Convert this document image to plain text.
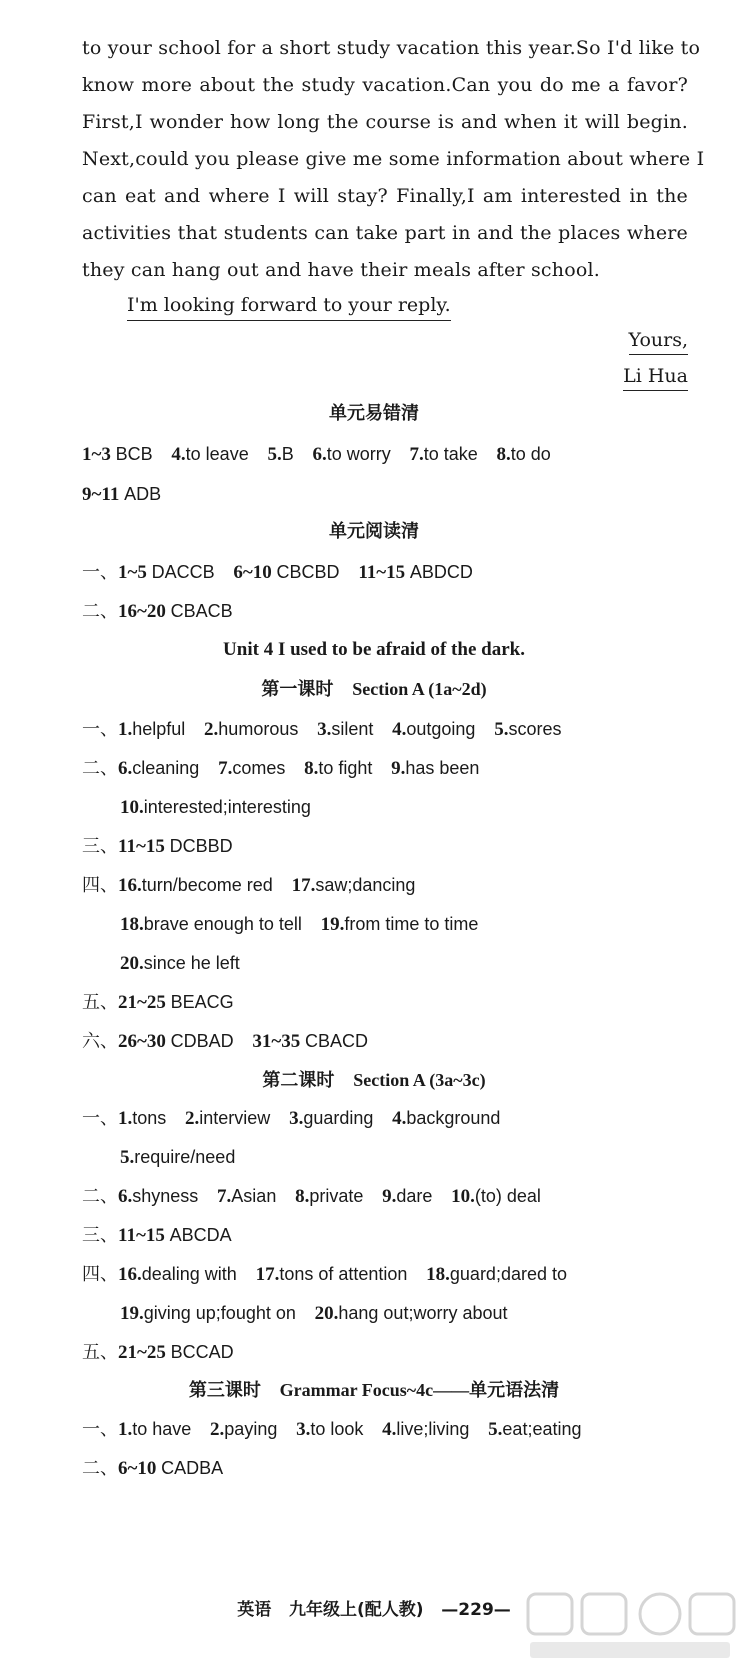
to your school for a short study vacation this year.So I'd like to
know more about the study vacation.Can you do me a favor?
First,I wonder how long the course is and when it will begin.
Next,could you please give me some information about where I
can eat and where I will stay? Finally,I am interested in the
activities that students can take part in and the places where
they can hang out and have their meals after school.
I'm looking forward to your reply.
Yours,
Li Hua
单元易错清
1~3 BCB 4.to leave 5.B 6.to worry 7.to take 8.to do
9~11 ADB
单元阅读清
一、1~5 DACCB 6~10 CBCBD 11~15 ABDCD
二、16~20 CBACB
Unit 4 I used to be afraid of the dark.
第一课时 Section A (1a~2d)
一、1.helpful 2.humorous 3.silent 4.outgoing 5.scores
二、6.cleaning 7.comes 8.to fight 9.has been
10.interested;interesting
三、11~15 DCBBD
四、16.turn/become red 17.saw;dancing
18.brave enough to tell 19.from time to time
20.since he left
五、21~25 BEACG
六、26~30 CDBAD 31~35 CBACD
第二课时 Section A (3a~3c)
一、1.tons 2.interview 3.guarding 4.background
5.require/need
二、6.shyness 7.Asian 8.private 9.dare 10.(to) deal
三、11~15 ABCDA
四、16.dealing with 17.tons of attention 18.guard;dared to
19.giving up;fought on 20.hang out;worry about
五、21~25 BCCAD
第三课时 Grammar Focus~4c——单元语法清
一、1.to have 2.paying 3.to look 4.live;living 5.eat;eating
二、6~10 CADBA
英语 九年级上(配人教) —229—
